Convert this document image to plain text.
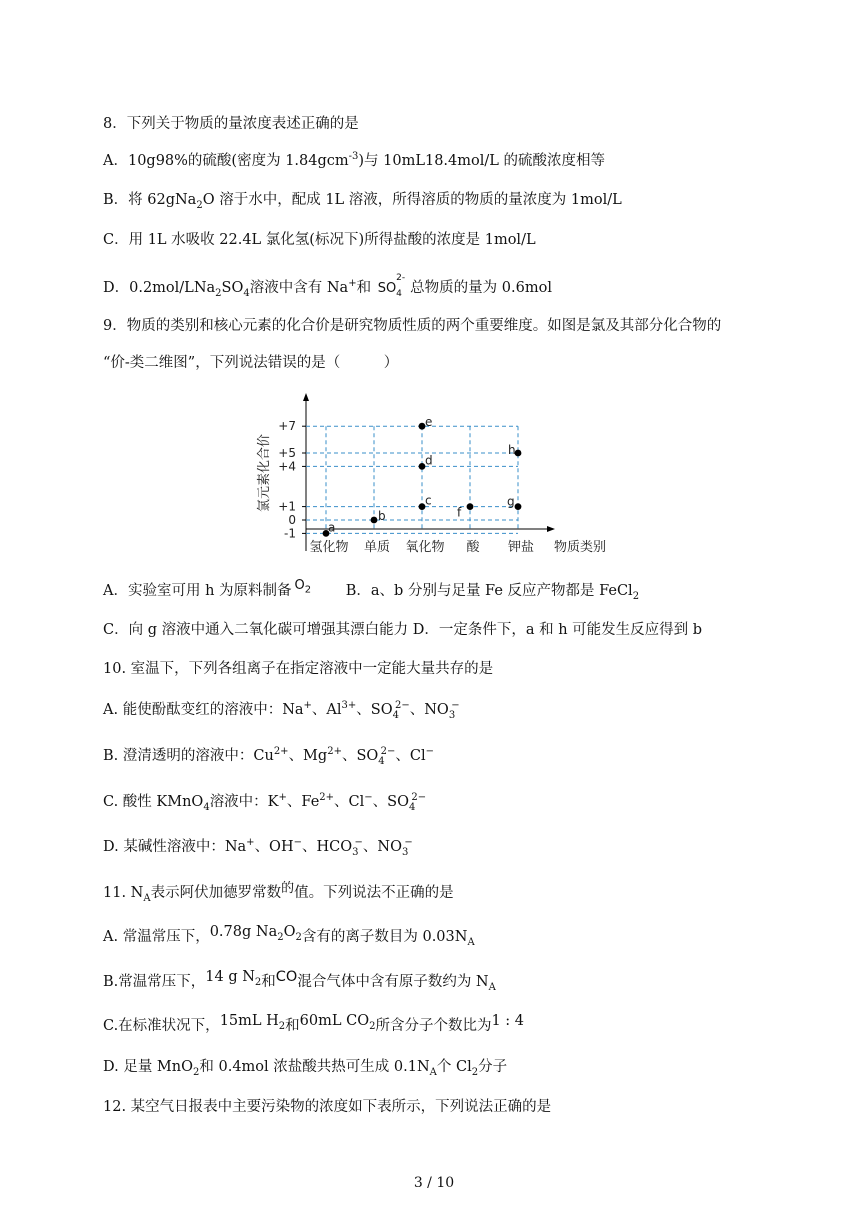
8．下列关于物质的量浓度表述正确的是
A．10g98%的硫酸(密度为 1.84gcm$^{-3}$)与 10mL18.4mol/L 的硫酸浓度相等
B．将 62gNa$_2$O 溶于水中，配成 1L 溶液，所得溶质的物质的量浓度为 1mol/L
C．用 1L 水吸收 22.4L 氯化氢(标况下)所得盐酸的浓度是 1mol/L
D．$0.2mol/LNa_2SO_4$溶液中含有 Na+和 SO
2-
4 总物质的量为 0.6mol
9．物质的类别和核心元素的化合价是研究物质性质的两个重要维度。如图是氯及其部分化合物的
“价-类二维图”，下列说法错误的是（　　　）
氯元素化合价
+7
+5
+4
+1
0
-1	a
b
c
d
e
f
g
h
氢化物 单质 氧化物 酸 钾盐 物质类别
A．实验室可用 h 为原料制备 $O_2$ B．a、b 分别与足量 Fe 反应产物都是 FeCl$_2$
C．向 g 溶液中通入二氧化碳可增强其漂白能力 D．一定条件下，a 和 h 可能发生反应得到 b
10. 室温下，下列各组离子在指定溶液中一定能大量共存的是
A. 能使酚酞变红的溶液中：Na+、$Al^{3+}$、$SO_4^{2-}$、$NO_3^-$
B. 澄清透明的溶液中：$Cu^{2+}$、$Mg^{2+}$、$SO_4^{2-}$、Cl−
C. 酸性 KMnO$_4$溶液中：K+、$Fe^{2+}$、Cl−、$SO_4^{2-}$
D. 某碱性溶液中：Na+、OH−、$HCO_3^-$、$NO_3^-$
11. $N_A$表示阿伏加德罗常数的值。下列说法不正确的是
A. 常温常压下，0.78g $Na_2O_2$含有的离子数目为 $0.03N_A$
B.常温常压下，14 g $N_2$和CO混合气体中含有原子数约为 $N_A$
C.在标准状况下，15mL $H_2$和60mL $CO_2$所含分子个数比为1 : 4
D. 足量 MnO$_2$和 0.4mol 浓盐酸共热可生成 $0.1N_A$个 $Cl_2$分子
12. 某空气日报表中主要污染物的浓度如下表所示，下列说法正确的是
3 / 10
